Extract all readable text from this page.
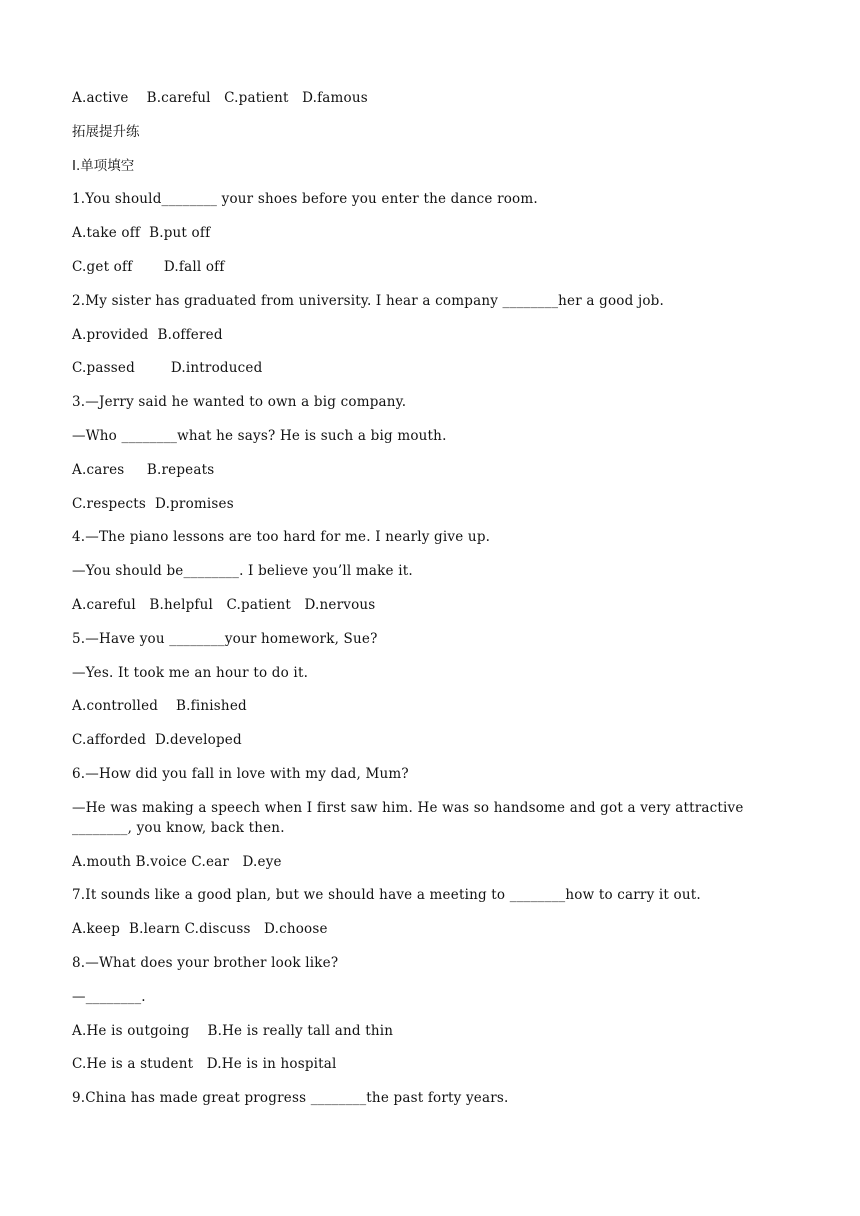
A.active    B.careful   C.patient   D.famous
拓展提升练
Ⅰ.单项填空
1.You should________ your shoes before you enter the dance room.
A.take off  B.put off
C.get off       D.fall off
2.My sister has graduated from university. I hear a company ________her a good job.
A.provided  B.offered
C.passed        D.introduced
3.—Jerry said he wanted to own a big company.
—Who ________what he says? He is such a big mouth.
A.cares     B.repeats
C.respects  D.promises
4.—The piano lessons are too hard for me. I nearly give up.
—You should be________. I believe you’ll make it.
A.careful   B.helpful   C.patient   D.nervous
5.—Have you ________your homework, Sue?
—Yes. It took me an hour to do it.
A.controlled    B.finished
C.afforded  D.developed
6.—How did you fall in love with my dad, Mum?
—He was making a speech when I first saw him. He was so handsome and got a very attractive ________, you know, back then.
A.mouth B.voice C.ear   D.eye
7.It sounds like a good plan, but we should have a meeting to ________how to carry it out.
A.keep  B.learn C.discuss   D.choose
8.—What does your brother look like?
—________.
A.He is outgoing    B.He is really tall and thin
C.He is a student   D.He is in hospital
9.China has made great progress ________the past forty years.
